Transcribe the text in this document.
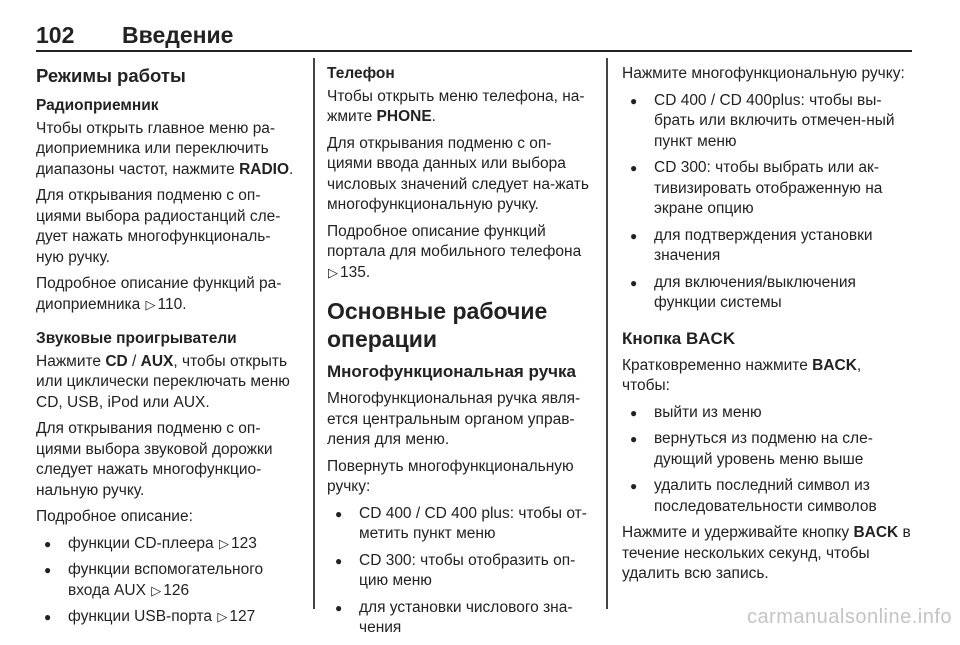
102 Введение
Режимы работы
Радиоприемник

Чтобы открыть главное меню ра-диоприемника или переключить диапазоны частот, нажмите RADIO.

Для открывания подменю с оп-циями выбора радиостанций сле-дует нажать многофункциональ-ную ручку.

Подробное описание функций ра-диоприемника ▷ 110.

Звуковые проигрыватели

Нажмите CD / AUX, чтобы открыть или циклически переключать меню CD, USB, iPod или AUX.

Для открывания подменю с оп-циями выбора звуковой дорожки следует нажать многофункцио-нальную ручку.

Подробное описание:

● функции CD-плеера ▷ 123
● функции вспомогательного входа AUX ▷ 126
● функции USB-порта ▷ 127
Телефон

Чтобы открыть меню телефона, на-жмите PHONE.

Для открывания подменю с оп-циями ввода данных или выбора числовых значений следует на-жать многофункциональную ручку.

Подробное описание функций портала для мобильного телефона ▷ 135.

Основные рабочие операции
Многофункциональная ручка

Многофункциональная ручка явля-ется центральным органом управ-ления для меню.

Повернуть многофункциональную ручку:

● CD 400 / CD 400 plus: чтобы от-метить пункт меню
● CD 300: чтобы отобразить оп-цию меню
● для установки числового зна-чения

Нажмите многофункциональную ручку:

● CD 400 / CD 400plus: чтобы вы-брать или включить отмечен-ный пункт меню
● CD 300: чтобы выбрать или ак-тивизировать отображенную на экране опцию
● для подтверждения установки значения
● для включения/выключения функции системы
Кнопка BACK

Кратковременно нажмите BACK, чтобы:

● выйти из меню
● вернуться из подменю на сле-дующий уровень меню выше
● удалить последний символ из последовательности символов

Нажмите и удерживайте кнопку BACK в течение нескольких секунд, чтобы удалить всю запись.

carmanualsonline.info
